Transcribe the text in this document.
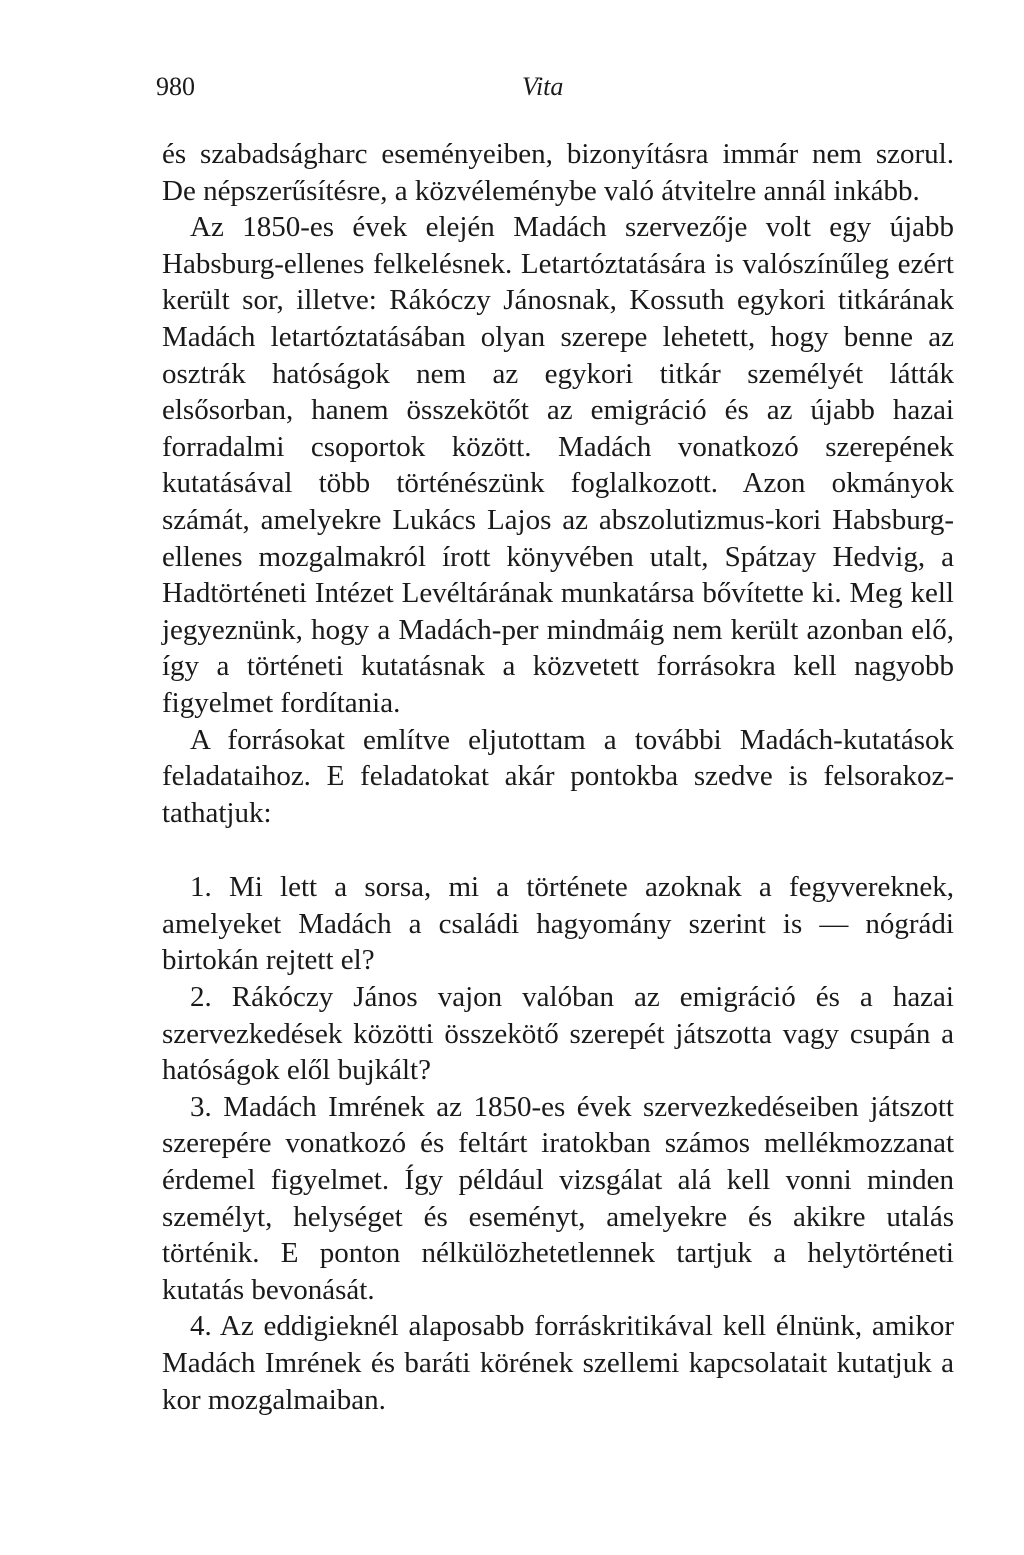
980	Vita

és szabadságharc eseményeiben, bizonyításra immár nem szorul. De népszerűsítésre, a közvéleménybe való átvitelre annál inkább.

Az 1850-es évek elején Madách szervezője volt egy újabb Habsburg-ellenes felkelésnek. Letartóztatására is valószínűleg ezért került sor, illetve: Rákóczy Jánosnak, Kossuth egykori titkárának Madách letartóztatásában olyan szerepe lehetett, hogy benne az osztrák hatóságok nem az egykori titkár személyét látták elsősorban, hanem összekötőt az emigráció és az újabb hazai forradalmi csoportok között. Madách vonatkozó szerepének kutatásával több történészünk foglalkozott. Azon okmányok számát, amelyekre Lukács Lajos az abszolutizmus-kori Habsburg-ellenes mozgalmakról írott könyvében utalt, Spátzay Hedvig, a Hadtörténeti Intézet Levéltárának munkatársa bővítette ki. Meg kell jegyeznünk, hogy a Madách-per mindmáig nem került azonban elő, így a történeti kutatásnak a közvetett forrásokra kell nagyobb figyelmet fordítania.

A forrásokat említve eljutottam a további Madách-kutatások feladataihoz. E feladatokat akár pontokba szedve is felsorakoztathatjuk:

1. Mi lett a sorsa, mi a története azoknak a fegyvereknek, amelyeket Madách a családi hagyomány szerint is — nógrádi birtokán rejtett el?

2. Rákóczy János vajon valóban az emigráció és a hazai szervezkedések közötti összekötő szerepét játszotta vagy csupán a hatóságok elől bujkált?

3. Madách Imrének az 1850-es évek szervezkedéseiben játszott szerepére vonatkozó és feltárt iratokban számos mellékmozzanat érdemel figyelmet. Így például vizsgálat alá kell vonni minden személyt, helységet és eseményt, amelyekre és akikre utalás történik. E ponton nélkülözhetetlennek tartjuk a helytörténeti kutatás bevonását.

4. Az eddigieknél alaposabb forráskritikával kell élnünk, amikor Madách Imrének és baráti körének szellemi kapcsolatait kutatjuk a kor mozgalmaiban.
